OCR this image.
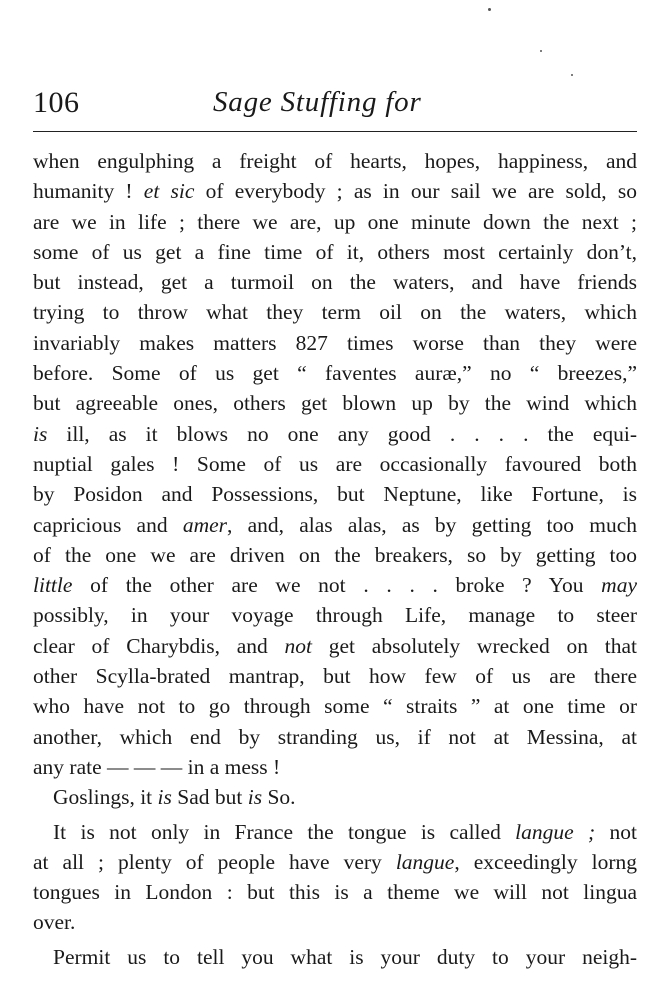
106	Sage Stuffing for
when engulphing a freight of hearts, hopes, happiness, and
humanity ! et sic of everybody ; as in our sail we are sold, so
are we in life ; there we are, up one minute down the next ;
some of us get a fine time of it, others most certainly don’t,
but instead, get a turmoil on the waters, and have friends
trying to throw what they term oil on the waters, which
invariably makes matters 827 times worse than they were
before. Some of us get “ faventes auræ,” no “ breezes,”
but agreeable ones, others get blown up by the wind which
is ill, as it blows no one any good . . . . the equi-
nuptial gales ! Some of us are occasionally favoured both
by Posidon and Possessions, but Neptune, like Fortune, is
capricious and amer, and, alas alas, as by getting too much
of the one we are driven on the breakers, so by getting too
little of the other are we not . . . . broke ? You may
possibly, in your voyage through Life, manage to steer
clear of Charybdis, and not get absolutely wrecked on that
other Scylla-brated mantrap, but how few of us are there
who have not to go through some “ straits ” at one time or
another, which end by stranding us, if not at Messina, at
any rate — — — in a mess !
Goslings, it is Sad but is So.
It is not only in France the tongue is called langue ; not
at all ; plenty of people have very langue, exceedingly lorng
tongues in London : but this is a theme we will not lingua
over.
Permit us to tell you what is your duty to your neigh-
